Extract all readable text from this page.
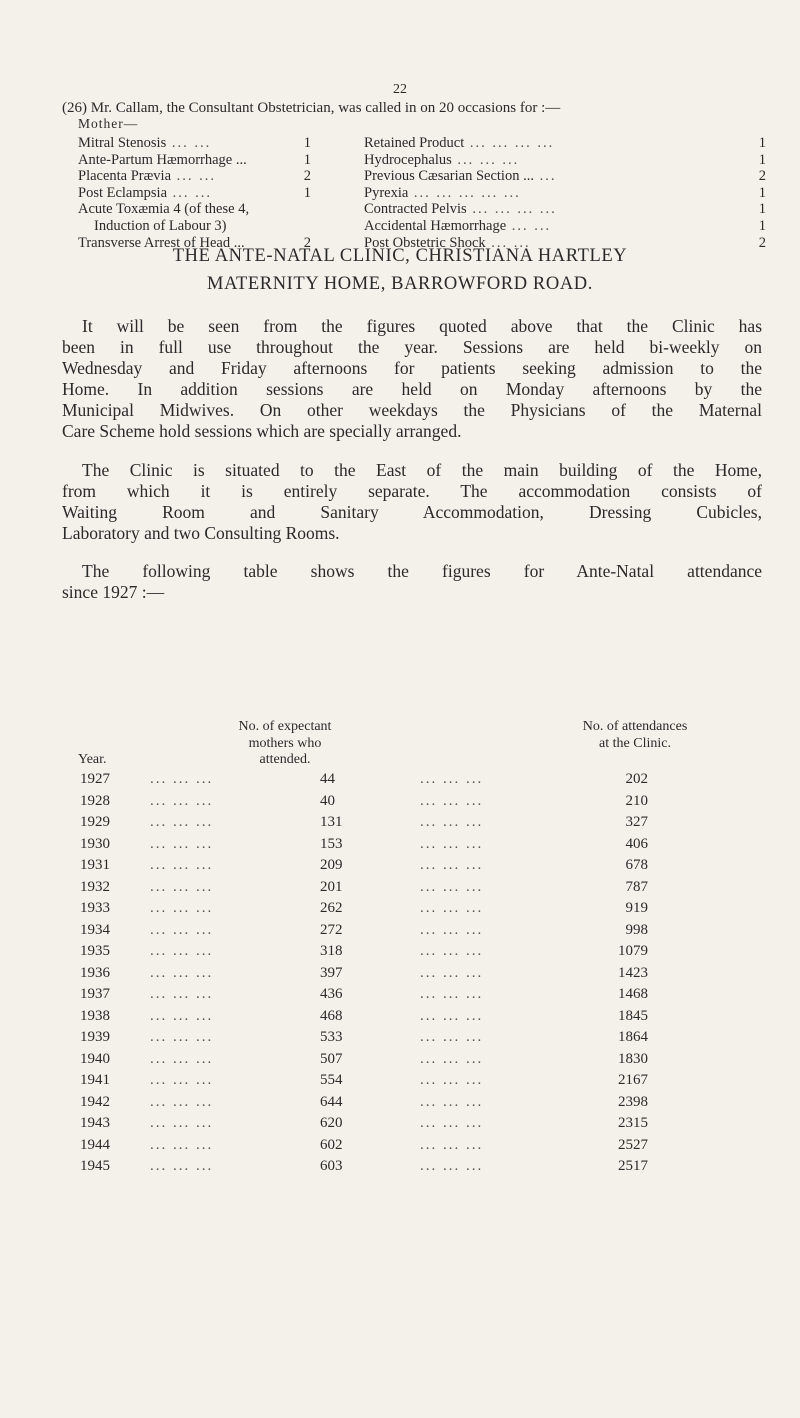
22
(26) Mr. Callam, the Consultant Obstetrician, was called in on 20 occasions for :—
Mother—
Mitral Stenosis ... ...	1
Ante-Partum Hæmorrhage ...	1
Placenta Prævia ... ...	2
Post Eclampsia ... ...	1
Acute Toxæmia 4 (of these 4,
Induction of Labour 3)
Transverse Arrest of Head ...	2
Retained Product ... ... ... ...	1
Hydrocephalus ... ... ...	1
Previous Cæsarian Section ... ...	2
Pyrexia ... ... ... ... ...	1
Contracted Pelvis ... ... ... ...	1
Accidental Hæmorrhage ... ...	1
Post Obstetric Shock ... ...	2
THE ANTE-NATAL CLINIC, CHRISTIANA HARTLEY
MATERNITY HOME, BARROWFORD ROAD.
It will be seen from the figures quoted above that the Clinic has
been in full use throughout the year. Sessions are held bi-weekly on
Wednesday and Friday afternoons for patients seeking admission to the
Home. In addition sessions are held on Monday afternoons by the
Municipal Midwives. On other weekdays the Physicians of the Maternal
Care Scheme hold sessions which are specially arranged.
The Clinic is situated to the East of the main building of the Home,
from which it is entirely separate. The accommodation consists of
Waiting Room and Sanitary Accommodation, Dressing Cubicles,
Laboratory and two Consulting Rooms.
The following table shows the figures for Ante-Natal attendance
since 1927 :—
No. of expectant
mothers who
attended.
No. of attendances
at the Clinic.
Year.
1927	... ... ...	44	... ... ...	202
1928	... ... ...	40	... ... ...	210
1929	... ... ...	131	... ... ...	327
1930	... ... ...	153	... ... ...	406
1931	... ... ...	209	... ... ...	678
1932	... ... ...	201	... ... ...	787
1933	... ... ...	262	... ... ...	919
1934	... ... ...	272	... ... ...	998
1935	... ... ...	318	... ... ...	1079
1936	... ... ...	397	... ... ...	1423
1937	... ... ...	436	... ... ...	1468
1938	... ... ...	468	... ... ...	1845
1939	... ... ...	533	... ... ...	1864
1940	... ... ...	507	... ... ...	1830
1941	... ... ...	554	... ... ...	2167
1942	... ... ...	644	... ... ...	2398
1943	... ... ...	620	... ... ...	2315
1944	... ... ...	602	... ... ...	2527
1945	... ... ...	603	... ... ...	2517
